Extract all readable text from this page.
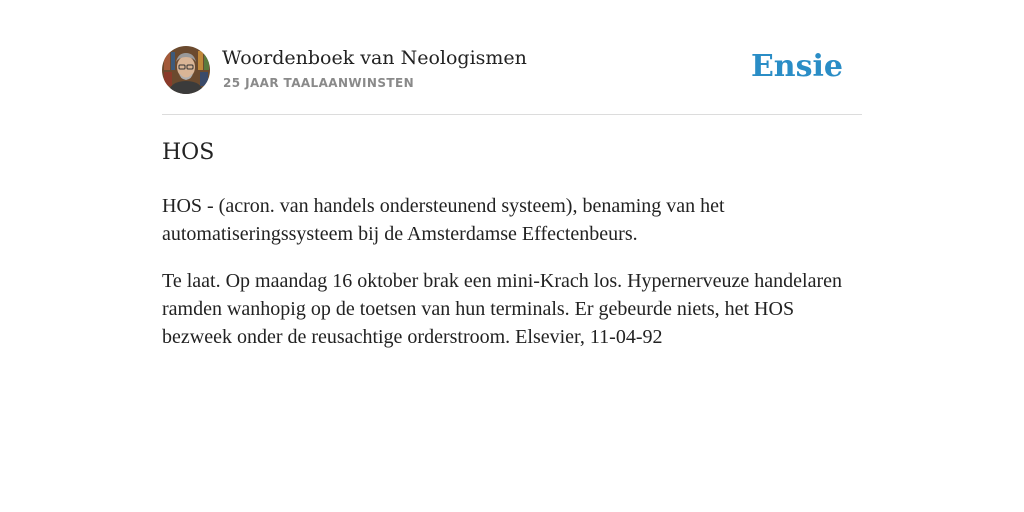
Woordenboek van Neologismen
25 JAAR TAALAANWINSTEN	Ensie
HOS

HOS - (acron. van handels ondersteunend systeem), benaming van het automatiseringssysteem bij de Amsterdamse Effectenbeurs.

Te laat. Op maandag 16 oktober brak een mini-Krach los. Hypernerveuze handelaren ramden wanhopig op de toetsen van hun terminals. Er gebeurde niets, het HOS bezweek onder de reusachtige orderstroom. Elsevier, 11-04-92
